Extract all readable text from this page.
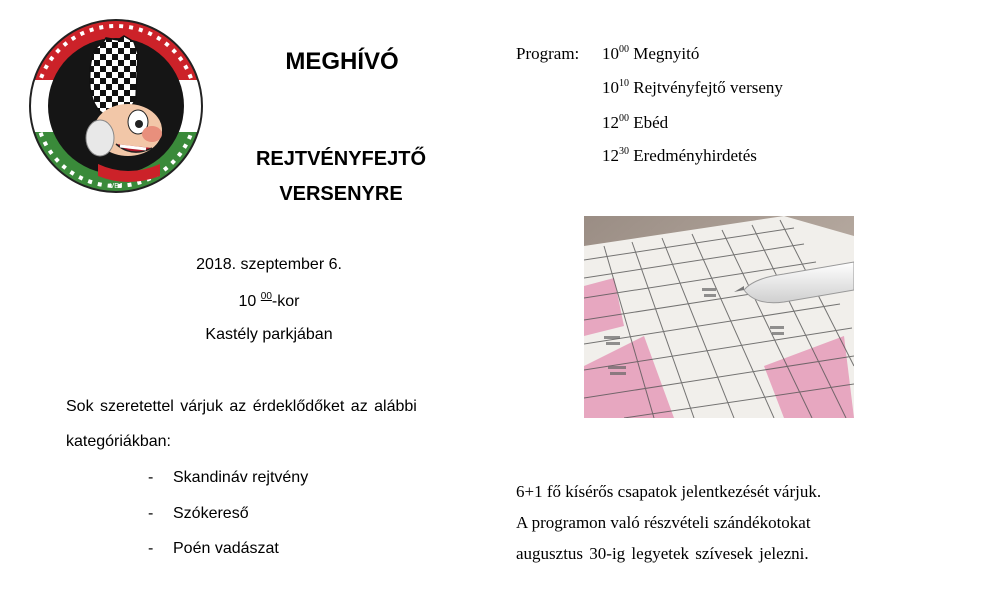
VEJ
MEGHÍVÓ
REJTVÉNYFEJTŐ
VERSENYRE
2018. szeptember 6.
10 $^{00}$-kor
Kastély parkjában
Sok szeretettel várjuk az érdeklődőket az alábbi
kategóriákban:
- Skandináv rejtvény
- Szókereső
- Poén vadászat
Program: $10^{00}$ Megnyitó
$10^{10}$ Rejtvényfejtő verseny
$12^{00}$ Ebéd
$12^{30}$ Eredményhirdetés
6+1 fő kísérős csapatok jelentkezését várjuk.
A programon való részvételi szándékotokat
augusztus 30-ig legyetek szívesek jelezni.
